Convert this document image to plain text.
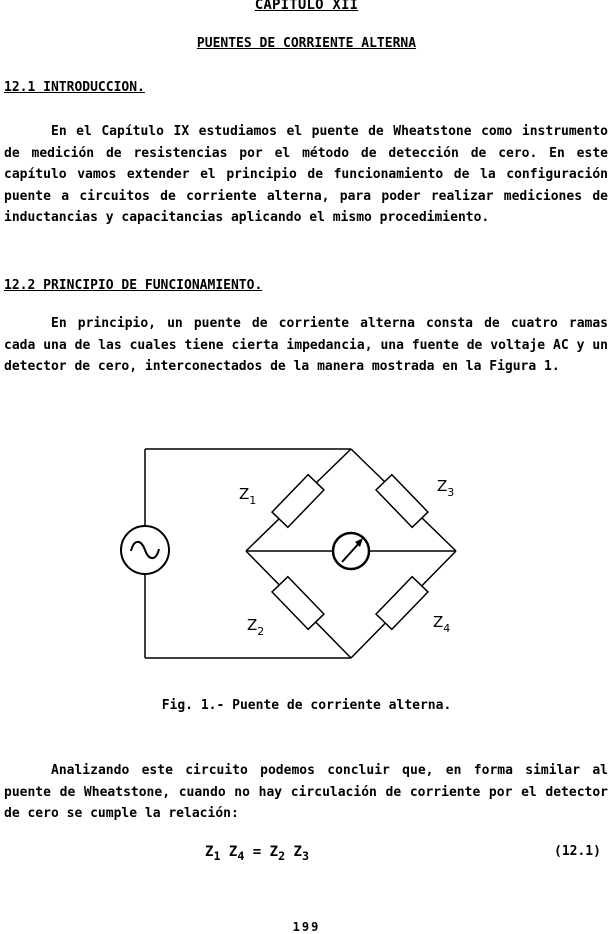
CAPITULO XII
PUENTES DE CORRIENTE ALTERNA
12.1 INTRODUCCION.

En el Capítulo IX estudiamos el puente de Wheatstone como instrumento de medición de resistencias por el método de detección de cero. En este capítulo vamos extender el principio de funcionamiento de la configuración puente a circuitos de corriente alterna, para poder realizar mediciones de inductancias y capacitancias aplicando el mismo procedimiento.

12.2 PRINCIPIO DE FUNCIONAMIENTO.

En principio, un puente de corriente alterna consta de cuatro ramas cada una de las cuales tiene cierta impedancia, una fuente de voltaje AC y un detector de cero, interconectados de la manera mostrada en la Figura 1.

$Z_1$
$Z_3$
$Z_2$
$Z_4$
Fig. 1.- Puente de corriente alterna.

Analizando este circuito podemos concluir que, en forma similar al puente de Wheatstone, cuando no hay circulación de corriente por el detector de cero se cumple la relación:

$Z_1$ $Z_4 = Z_2$ $Z_3$	(12.1)
199
